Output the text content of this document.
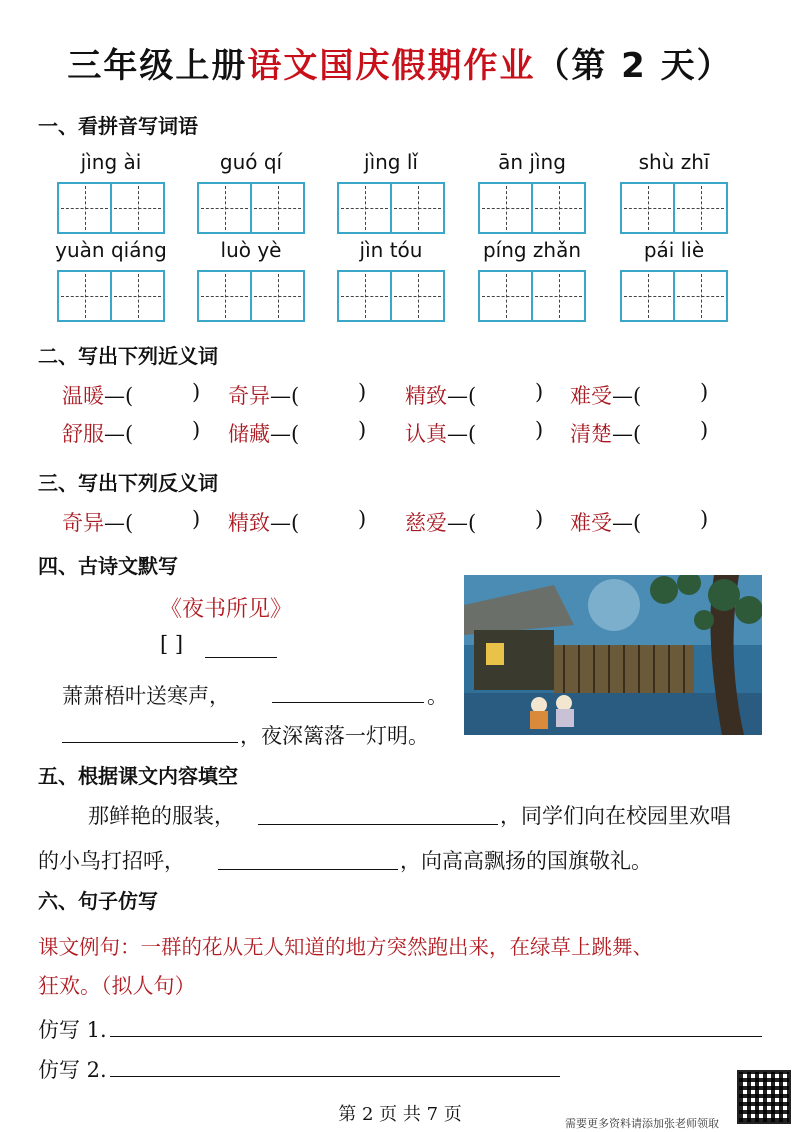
三年级上册语文国庆假期作业（第 2 天）
一、看拼音写词语
jìng ài	guó qí	jìng lǐ	ān jìng	shù zhī
yuàn qiáng	luò yè	jìn tóu	píng zhǎn	pái liè
二、写出下列近义词
温暖—(	) 奇异—(	) 精致—(	) 难受—(	)
舒服—(	) 储藏—(	) 认真—(	) 清楚—(	)
三、写出下列反义词
奇异—(	) 精致—(	) 慈爱—(	) 难受—(	)
四、古诗文默写
《夜书所见》
[ ]
萧萧梧叶送寒声，	。
，夜深篱落一灯明。
五、根据课文内容填空
那鲜艳的服装，	，同学们向在校园里欢唱
的小鸟打招呼，	，向高高飘扬的国旗敬礼。
六、句子仿写
课文例句：一群的花从无人知道的地方突然跑出来，在绿草上跳舞、
狂欢。（拟人句）
仿写 1.
仿写 2.
第 2 页 共 7 页	需要更多资料请添加张老师领取
